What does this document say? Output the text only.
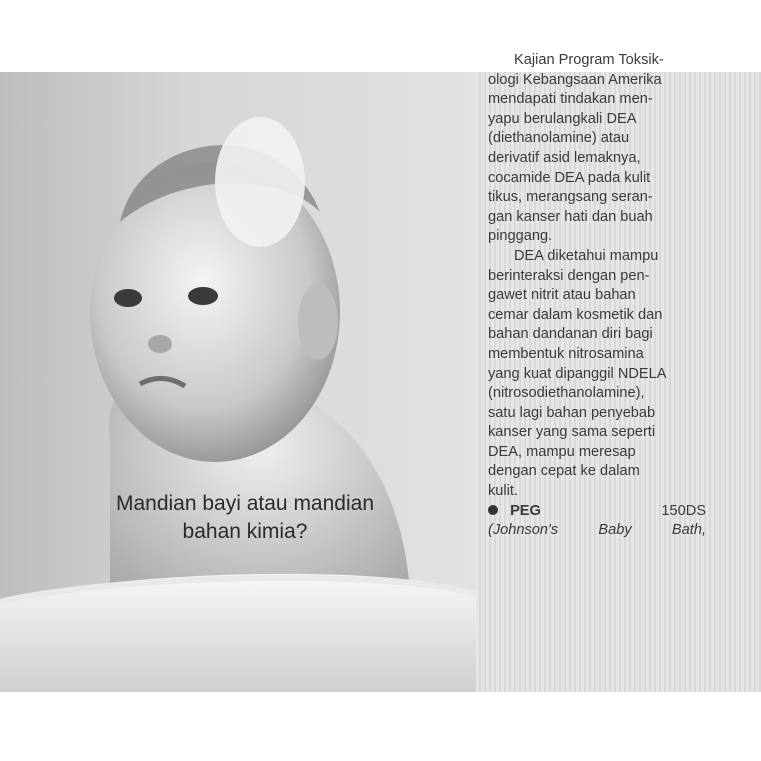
Mandian bayi atau mandian
bahan kimia?

Kajian Program Toksik-
ologi Kebangsaan Amerika
mendapati tindakan men-
yapu berulangkali DEA
(diethanolamine) atau
derivatif asid lemaknya,
cocamide DEA pada kulit
tikus, merangsang seran-
gan kanser hati dan buah
pinggang.

DEA diketahui mampu
berinteraksi dengan pen-
gawet nitrit atau bahan
cemar dalam kosmetik dan
bahan dandanan diri bagi
membentuk nitrosamina
yang kuat dipanggil NDELA
(nitrosodiethanolamine),
satu lagi bahan penyebab
kanser yang sama seperti
DEA, mampu meresap
dengan cepat ke dalam
kulit.

PEG	150DS
(Johnson's	Baby	Bath,
